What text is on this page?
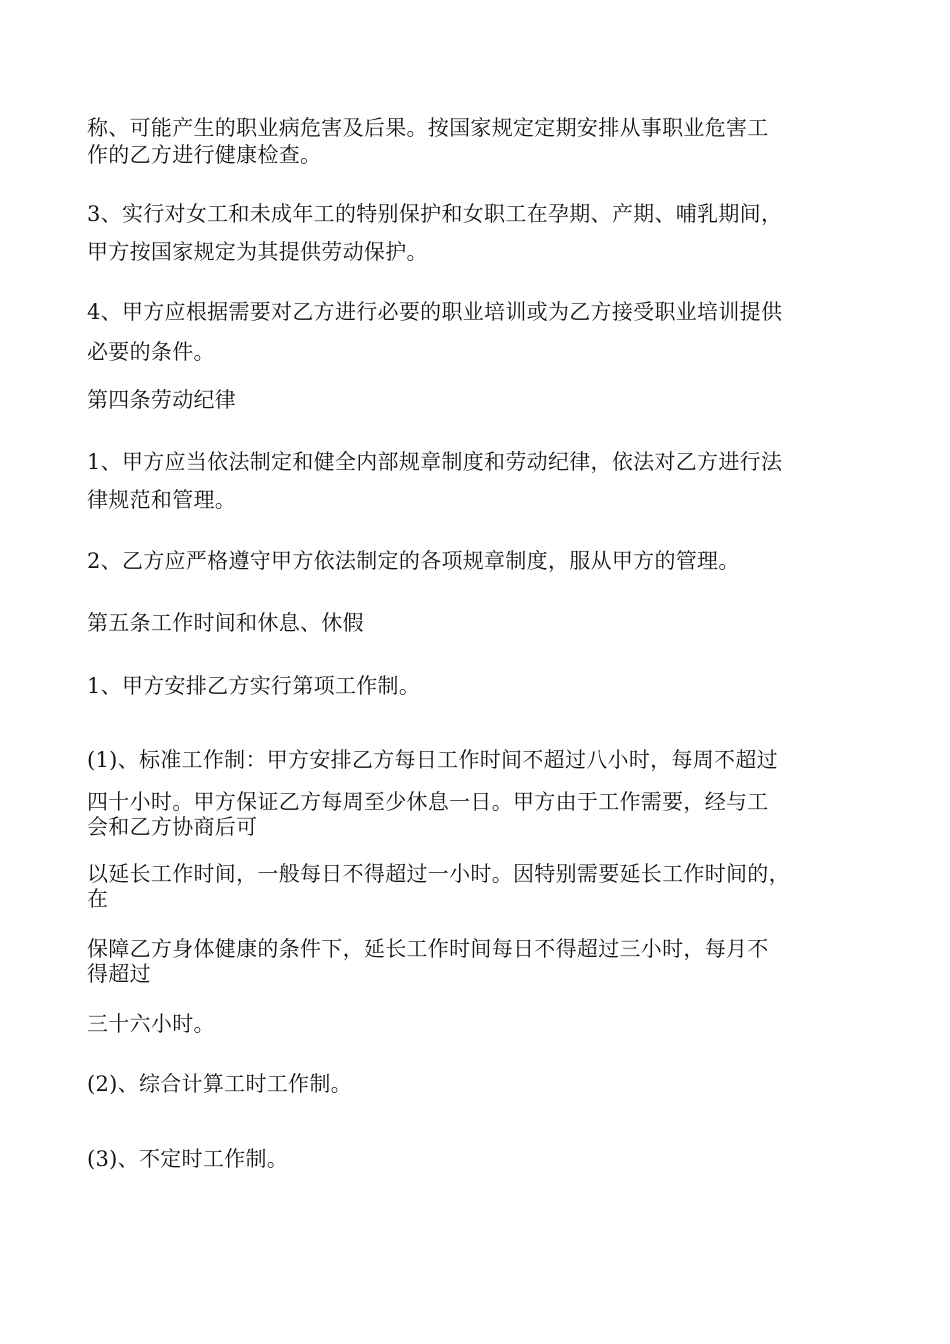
称、可能产生的职业病危害及后果。按国家规定定期安排从事职业危害工
作的乙方进行健康检查。
3、实行对女工和未成年工的特别保护和女职工在孕期、产期、哺乳期间，
甲方按国家规定为其提供劳动保护。
4、甲方应根据需要对乙方进行必要的职业培训或为乙方接受职业培训提供
必要的条件。
第四条劳动纪律
1、甲方应当依法制定和健全内部规章制度和劳动纪律，依法对乙方进行法
律规范和管理。
2、乙方应严格遵守甲方依法制定的各项规章制度，服从甲方的管理。
第五条工作时间和休息、休假
1、甲方安排乙方实行第项工作制。
(1)、标准工作制：甲方安排乙方每日工作时间不超过八小时，每周不超过
四十小时。甲方保证乙方每周至少休息一日。甲方由于工作需要，经与工
会和乙方协商后可
以延长工作时间，一般每日不得超过一小时。因特别需要延长工作时间的，
在
保障乙方身体健康的条件下，延长工作时间每日不得超过三小时，每月不
得超过
三十六小时。
(2)、综合计算工时工作制。
(3)、不定时工作制。
